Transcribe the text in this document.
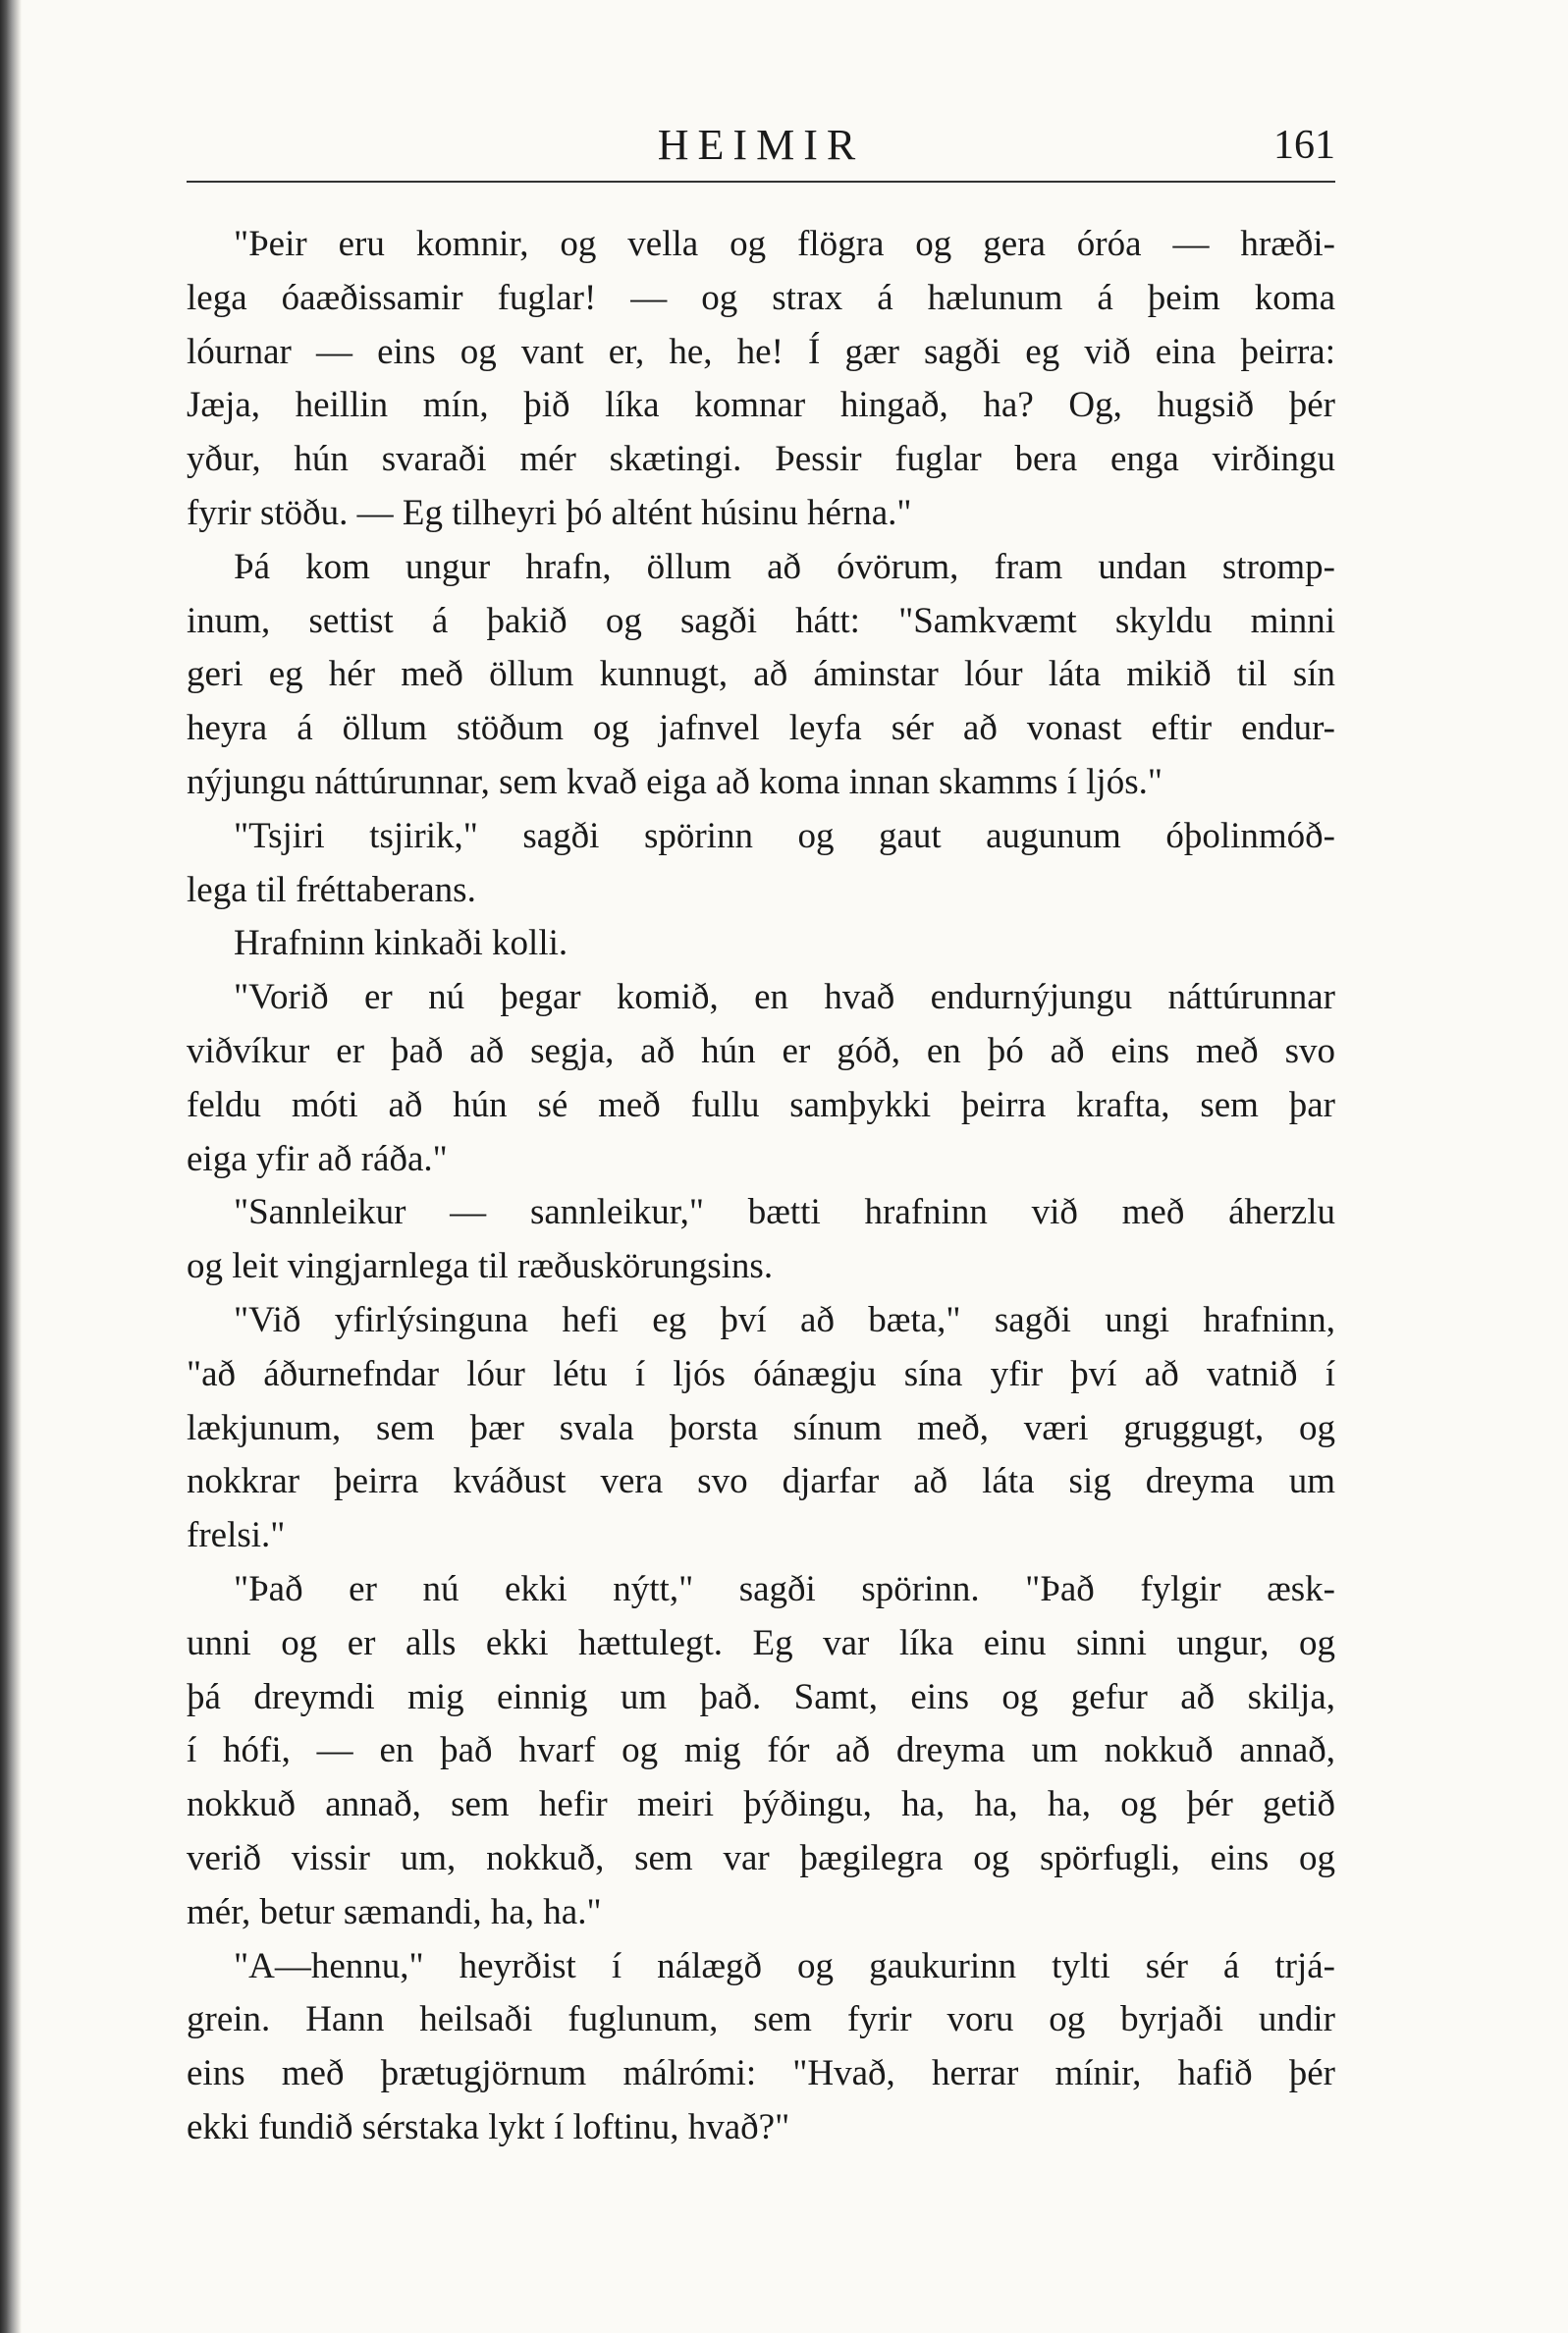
HEIMIR	161
"Þeir eru komnir, og vella og flögra og gera óróa — hræði-
lega óaæðissamir fuglar! — og strax á hælunum á þeim koma
lóurnar — eins og vant er, he, he! Í gær sagði eg við eina þeirra:
Jæja, heillin mín, þið líka komnar hingað, ha? Og, hugsið þér
yður, hún svaraði mér skætingi. Þessir fuglar bera enga virðingu
fyrir stöðu. — Eg tilheyri þó altént húsinu hérna."
Þá kom ungur hrafn, öllum að óvörum, fram undan stromp-
inum, settist á þakið og sagði hátt: "Samkvæmt skyldu minni
geri eg hér með öllum kunnugt, að áminstar lóur láta mikið til sín
heyra á öllum stöðum og jafnvel leyfa sér að vonast eftir endur-
nýjungu náttúrunnar, sem kvað eiga að koma innan skamms í ljós."
"Tsjiri tsjirik," sagði spörinn og gaut augunum óþolinmóð-
lega til fréttaberans.
Hrafninn kinkaði kolli.
"Vorið er nú þegar komið, en hvað endurnýjungu náttúrunnar
viðvíkur er það að segja, að hún er góð, en þó að eins með svo
feldu móti að hún sé með fullu samþykki þeirra krafta, sem þar
eiga yfir að ráða."
"Sannleikur — sannleikur," bætti hrafninn við með áherzlu
og leit vingjarnlega til ræðuskörungsins.
"Við yfirlýsinguna hefi eg því að bæta," sagði ungi hrafninn,
"að áðurnefndar lóur létu í ljós óánægju sína yfir því að vatnið í
lækjunum, sem þær svala þorsta sínum með, væri gruggugt, og
nokkrar þeirra kváðust vera svo djarfar að láta sig dreyma um
frelsi."
"Það er nú ekki nýtt," sagði spörinn. "Það fylgir æsk-
unni og er alls ekki hættulegt. Eg var líka einu sinni ungur, og
þá dreymdi mig einnig um það. Samt, eins og gefur að skilja,
í hófi, — en það hvarf og mig fór að dreyma um nokkuð annað,
nokkuð annað, sem hefir meiri þýðingu, ha, ha, ha, og þér getið
verið vissir um, nokkuð, sem var þægilegra og spörfugli, eins og
mér, betur sæmandi, ha, ha."
"A—hennu," heyrðist í nálægð og gaukurinn tylti sér á trjá-
grein. Hann heilsaði fuglunum, sem fyrir voru og byrjaði undir
eins með þrætugjörnum málrómi: "Hvað, herrar mínir, hafið þér
ekki fundið sérstaka lykt í loftinu, hvað?"
